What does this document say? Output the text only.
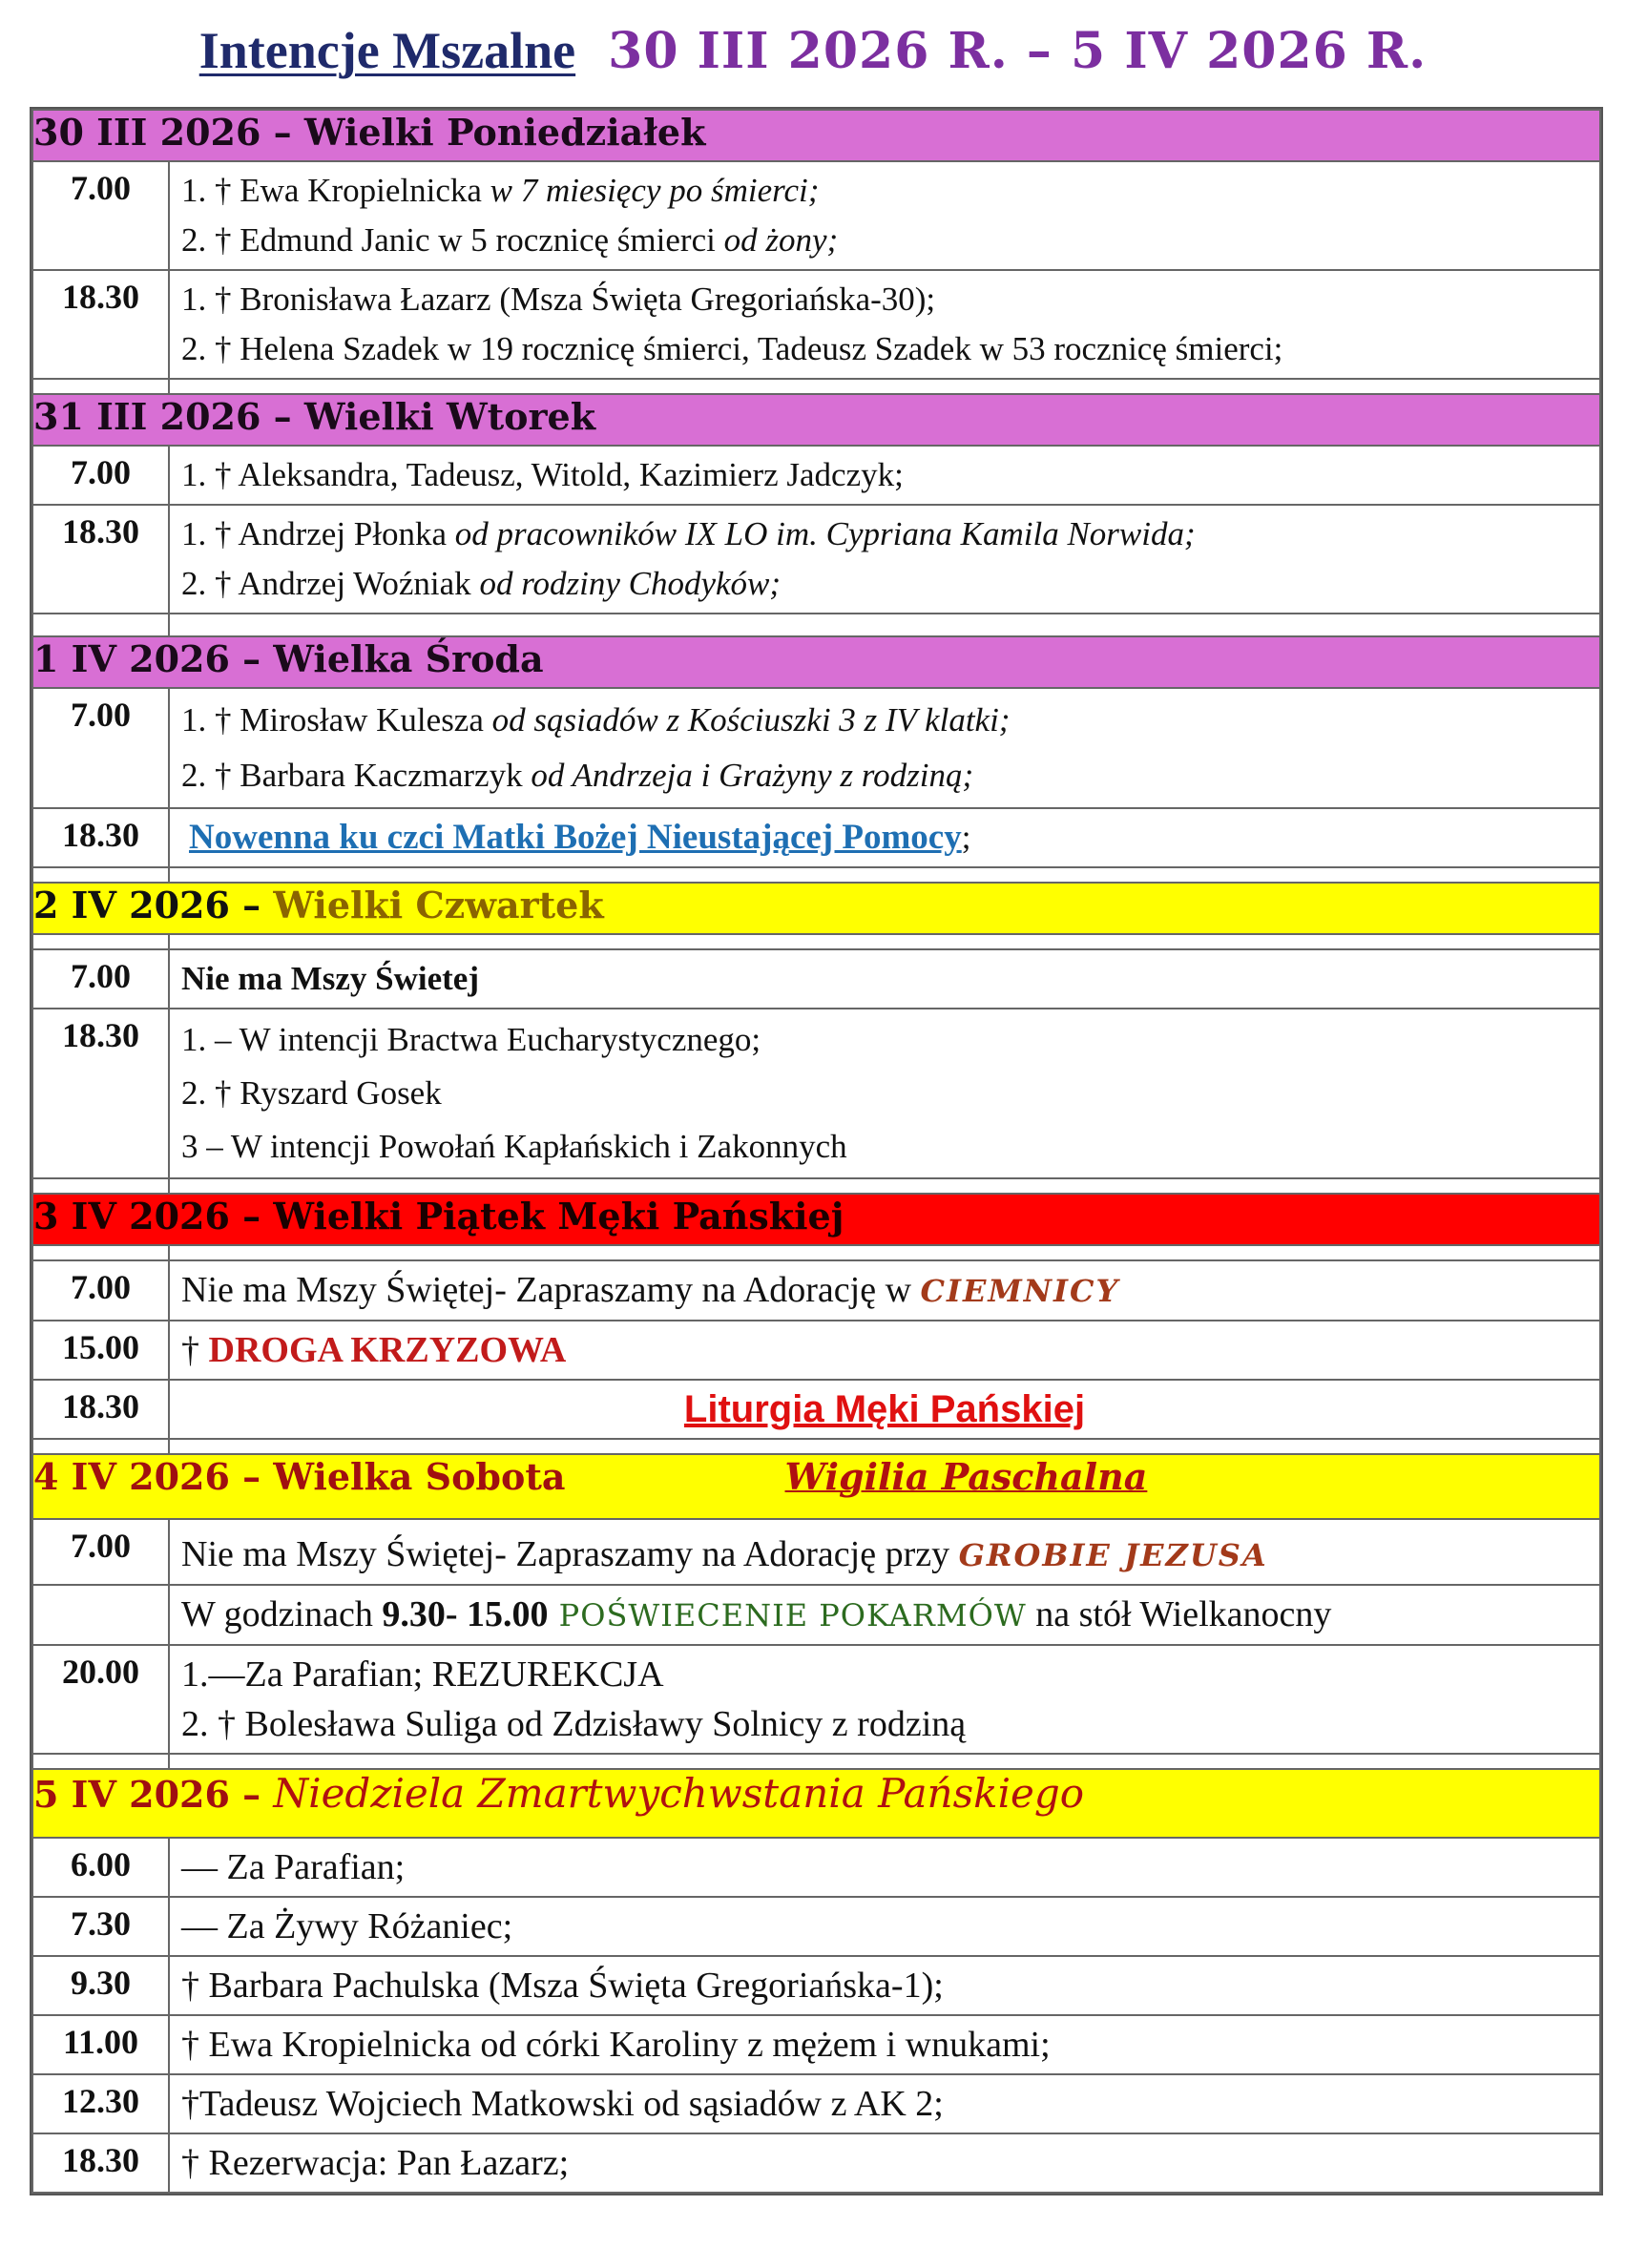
Intencje Mszalne 30 III 2026 R. – 5 IV 2026 R.
30 III 2026 – Wielki Poniedziałek	
7.00	1. † Ewa Kropielnicka w 7 miesięcy po śmierci;
2. † Edmund Janic w 5 rocznicę śmierci od żony;

18.30	1. † Bronisława Łazarz (Msza Święta Gregoriańska-30);
2. † Helena Szadek w 19 rocznicę śmierci, Tadeusz Szadek w 53 rocznicę śmierci;

31 III 2026 – Wielki Wtorek	
7.00	1. † Aleksandra, Tadeusz, Witold, Kazimierz Jadczyk;

18.30	1. † Andrzej Płonka od pracowników IX LO im. Cypriana Kamila Norwida;
2. † Andrzej Woźniak od rodziny Chodyków;

1 IV 2026 – Wielka Środa	
7.00	1. † Mirosław Kulesza od sąsiadów z Kościuszki 3 z IV klatki;
2. † Barbara Kaczmarzyk od Andrzeja i Grażyny z rodziną;

18.30	Nowenna ku czci Matki Bożej Nieustającej Pomocy;

2 IV 2026 – Wielki Czwartek	

7.00	Nie ma Mszy Świetej

18.30	1. – W intencji Bractwa Eucharystycznego;
2. † Ryszard Gosek
3 – W intencji Powołań Kapłańskich i Zakonnych

3 IV 2026 – Wielki Piątek Męki Pańskiej	

7.00	Nie ma Mszy Świętej- Zapraszamy na Adorację w CIEMNICY

15.00	† DROGA KRZYZOWA

18.30	Liturgia Męki Pańskiej

4 IV 2026 – Wielka Sobota Wigilia Paschalna	
7.00	Nie ma Mszy Świętej- Zapraszamy na Adorację przy GROBIE JEZUSA

	W godzinach 9.30- 15.00 POŚWIECENIE POKARMÓW na stół Wielkanocny

20.00	1.—Za Parafian; REZUREKCJA
2. † Bolesława Suliga od Zdzisławy Solnicy z rodziną

5 IV 2026 – Niedziela Zmartwychwstania Pańskiego	
6.00	— Za Parafian;

7.30	— Za Żywy Różaniec;

9.30	† Barbara Pachulska (Msza Święta Gregoriańska-1);

11.00	† Ewa Kropielnicka od córki Karoliny z mężem i wnukami;

12.30	†Tadeusz Wojciech Matkowski od sąsiadów z AK 2;

18.30	† Rezerwacja: Pan Łazarz;
